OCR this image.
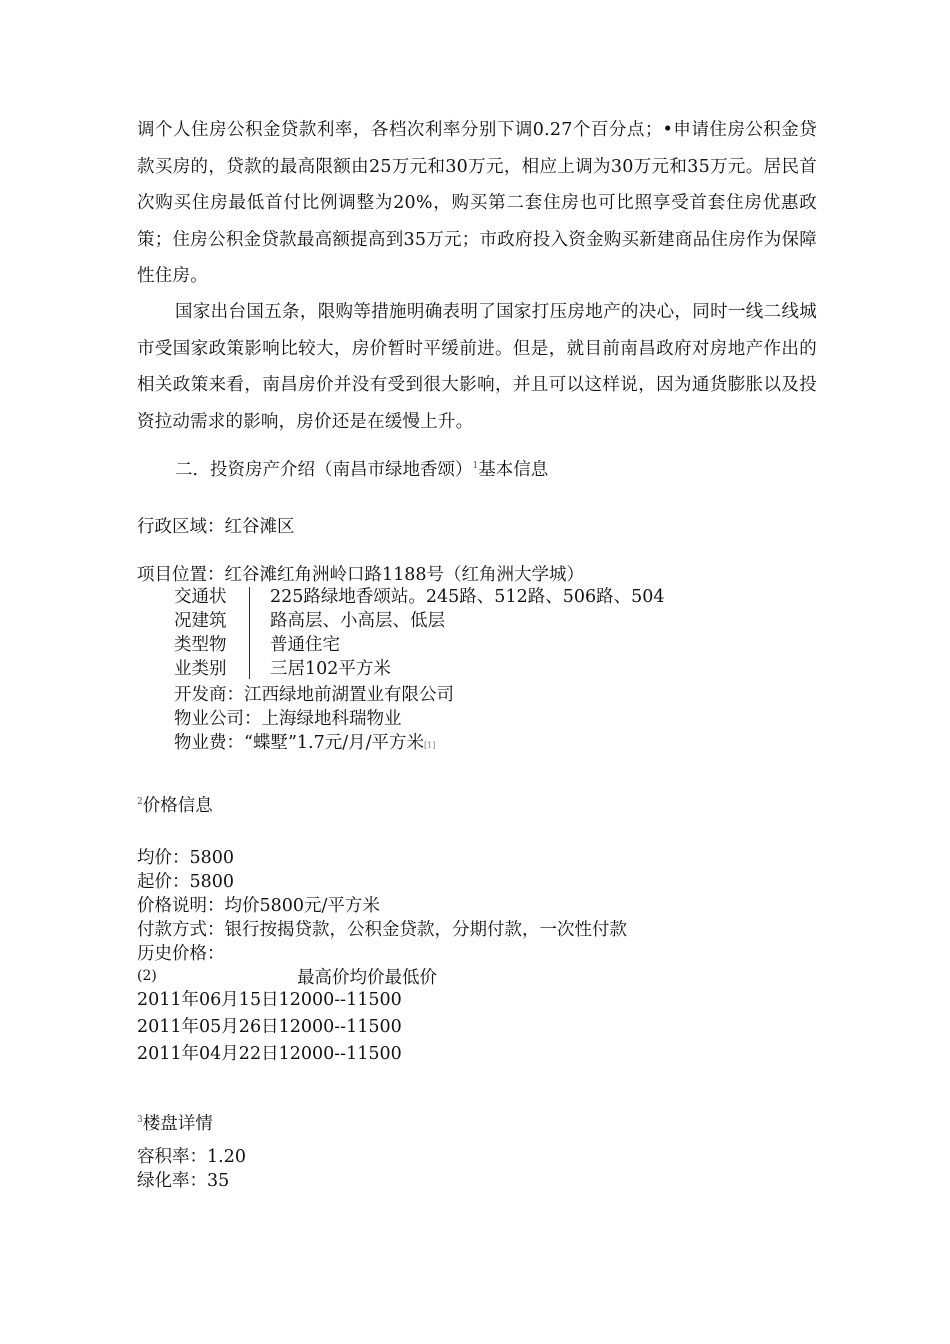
调个人住房公积金贷款利率，各档次利率分别下调0.27个百分点；•申请住房公积金贷款买房的，贷款的最高限额由25万元和30万元，相应上调为30万元和35万元。居民首次购买住房最低首付比例调整为20%，购买第二套住房也可比照享受首套住房优惠政策；住房公积金贷款最高额提高到35万元；市政府投入资金购买新建商品住房作为保障性住房。

国家出台国五条，限购等措施明确表明了国家打压房地产的决心，同时一线二线城市受国家政策影响比较大，房价暂时平缓前进。但是，就目前南昌政府对房地产作出的相关政策来看，南昌房价并没有受到很大影响，并且可以这样说，因为通货膨胀以及投资拉动需求的影响，房价还是在缓慢上升。

二．投资房产介绍（南昌市绿地香颂）$^1$基本信息
行政区域：红谷滩区
项目位置：红谷滩红角洲岭口路1188号（红角洲大学城）
交通状
况建筑
类型物
业类别
225路绿地香颂站。245路、512路、506路、504
路高层、小高层、低层
普通住宅
三居102平方米
开发商：江西绿地前湖置业有限公司
物业公司：上海绿地科瑞物业
物业费：“蝶墅”1.7元/月/平方米[1]
$^2$价格信息
均价：5800
起价：5800
价格说明：均价5800元/平方米
付款方式：银行按揭贷款，公积金贷款，分期付款，一次性付款
历史价格：
(2)	最高价均价最低价
2011年06月15日12000--11500
2011年05月26日12000--11500
2011年04月22日12000--11500
$^3$楼盘详情
容积率：1.20
绿化率：35
